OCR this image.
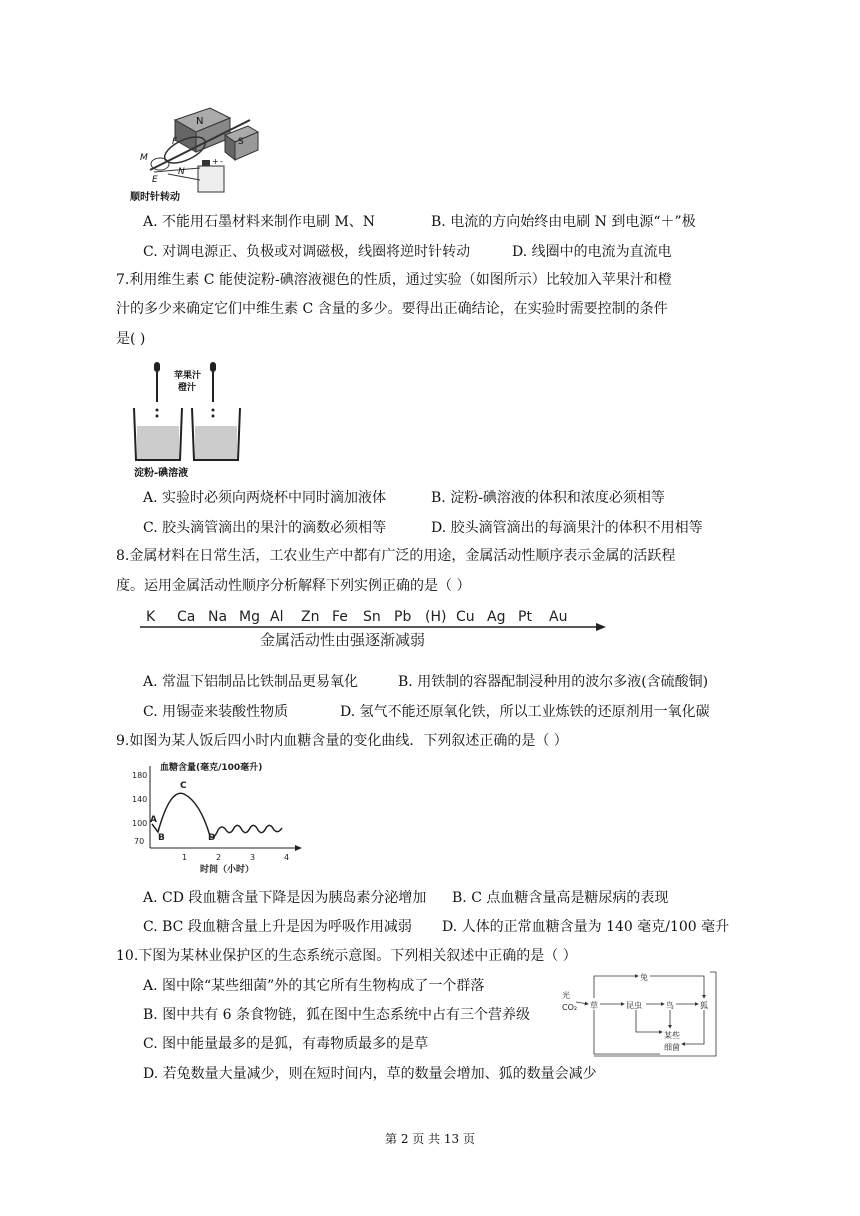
N
S
+ -
M
E
N
F
顺时针转动
A. 不能用石墨材料来制作电刷 M、N	B. 电流的方向始终由电刷 N 到电源“＋”极
C. 对调电源正、负极或对调磁极，线圈将逆时针转动	D. 线圈中的电流为直流电
7.利用维生素 C 能使淀粉-碘溶液褪色的性质，通过实验（如图所示）比较加入苹果汁和橙
汁的多少来确定它们中维生素 C 含量的多少。要得出正确结论，在实验时需要控制的条件
是( )
苹果汁
橙汁
淀粉-碘溶液
A. 实验时必须向两烧杯中同时滴加液体	B. 淀粉-碘溶液的体积和浓度必须相等
C. 胶头滴管滴出的果汁的滴数必须相等	D. 胶头滴管滴出的每滴果汁的体积不用相等
8.金属材料在日常生活，工农业生产中都有广泛的用途，金属活动性顺序表示金属的活跃程
度。运用金属活动性顺序分析解释下列实例正确的是（ ）
K Ca Na Mg Al Zn Fe Sn Pb (H) Cu Ag Pt Au
金属活动性由强逐渐减弱
A. 常温下铝制品比铁制品更易氧化	B. 用铁制的容器配制浸种用的波尔多液(含硫酸铜)
C. 用锡壶来装酸性物质	D. 氢气不能还原氧化铁，所以工业炼铁的还原剂用一氧化碳
9.如图为某人饭后四小时内血糖含量的变化曲线．下列叙述正确的是（ ）
血糖含量(毫克/100毫升)
180
140
100
70
1	2	3	4
A
B
C
D
时间（小时）
A. CD 段血糖含量下降是因为胰岛素分泌增加 B. C 点血糖含量高是糖尿病的表现
C. BC 段血糖含量上升是因为呼吸作用减弱 D. 人体的正常血糖含量为 140 毫克/100 毫升
10.下图为某林业保护区的生态系统示意图。下列相关叙述中正确的是（ ）
A. 图中除“某些细菌”外的其它所有生物构成了一个群落
B. 图中共有 6 条食物链，狐在图中生态系统中占有三个营养级
C. 图中能量最多的是狐，有毒物质最多的是草
D. 若兔数量大量减少，则在短时间内，草的数量会增加、狐的数量会减少
光
CO₂ 草
兔
昆虫	鸟	狐
某些
细菌
第 2 页 共 13 页
